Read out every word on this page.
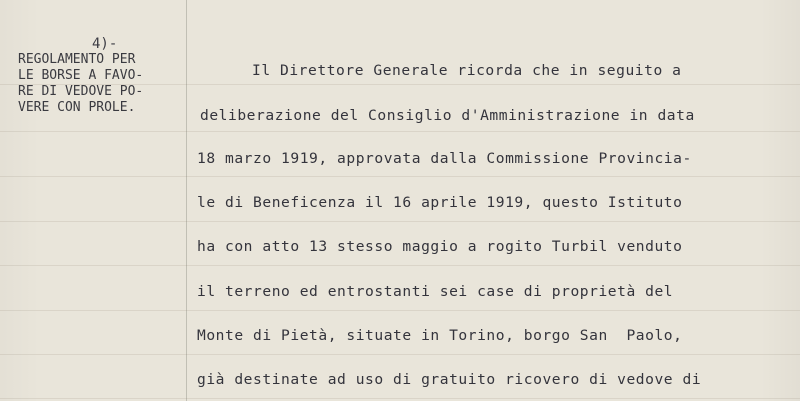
4)-
REGOLAMENTO PER
LE BORSE A FAVO-
RE DI VEDOVE PO-
VERE CON PROLE.
Il Direttore Generale ricorda che in seguito a
deliberazione del Consiglio d'Amministrazione in data
18 marzo 1919, approvata dalla Commissione Provincia-
le di Beneficenza il 16 aprile 1919, questo Istituto
ha con atto 13 stesso maggio a rogito Turbil venduto
il terreno ed entrostanti sei case di proprietà del
Monte di Pietà, situate in Torino, borgo San  Paolo,
già destinate ad uso di gratuito ricovero di vedove di
